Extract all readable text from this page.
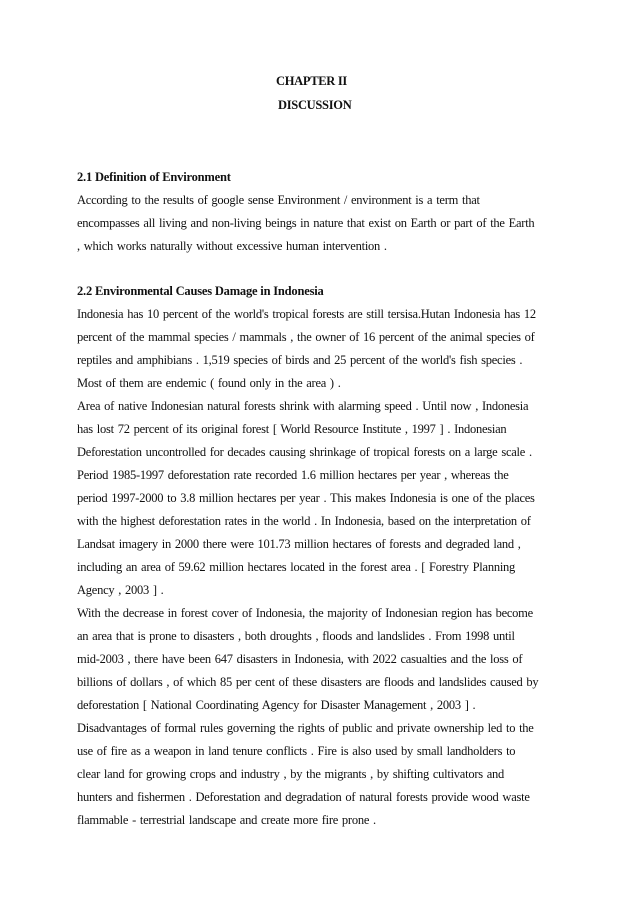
CHAPTER II
DISCUSSION
2.1 Definition of Environment
According to the results of google sense Environment / environment is a term that
encompasses all living and non-living beings in nature that exist on Earth or part of the Earth
, which works naturally without excessive human intervention .
2.2 Environmental Causes Damage in Indonesia
Indonesia has 10 percent of the world's tropical forests are still tersisa.Hutan Indonesia has 12
percent of the mammal species / mammals , the owner of 16 percent of the animal species of
reptiles and amphibians . 1,519 species of birds and 25 percent of the world's fish species .
Most of them are endemic ( found only in the area ) .
Area of native Indonesian natural forests shrink with alarming speed . Until now , Indonesia
has lost 72 percent of its original forest [ World Resource Institute , 1997 ] . Indonesian
Deforestation uncontrolled for decades causing shrinkage of tropical forests on a large scale .
Period 1985-1997 deforestation rate recorded 1.6 million hectares per year , whereas the
period 1997-2000 to 3.8 million hectares per year . This makes Indonesia is one of the places
with the highest deforestation rates in the world . In Indonesia, based on the interpretation of
Landsat imagery in 2000 there were 101.73 million hectares of forests and degraded land ,
including an area of 59.62 million hectares located in the forest area . [ Forestry Planning
Agency , 2003 ] .
With the decrease in forest cover of Indonesia, the majority of Indonesian region has become
an area that is prone to disasters , both droughts , floods and landslides . From 1998 until
mid-2003 , there have been 647 disasters in Indonesia, with 2022 casualties and the loss of
billions of dollars , of which 85 per cent of these disasters are floods and landslides caused by
deforestation [ National Coordinating Agency for Disaster Management , 2003 ] .
Disadvantages of formal rules governing the rights of public and private ownership led to the
use of fire as a weapon in land tenure conflicts . Fire is also used by small landholders to
clear land for growing crops and industry , by the migrants , by shifting cultivators and
hunters and fishermen . Deforestation and degradation of natural forests provide wood waste
flammable - terrestrial landscape and create more fire prone .
